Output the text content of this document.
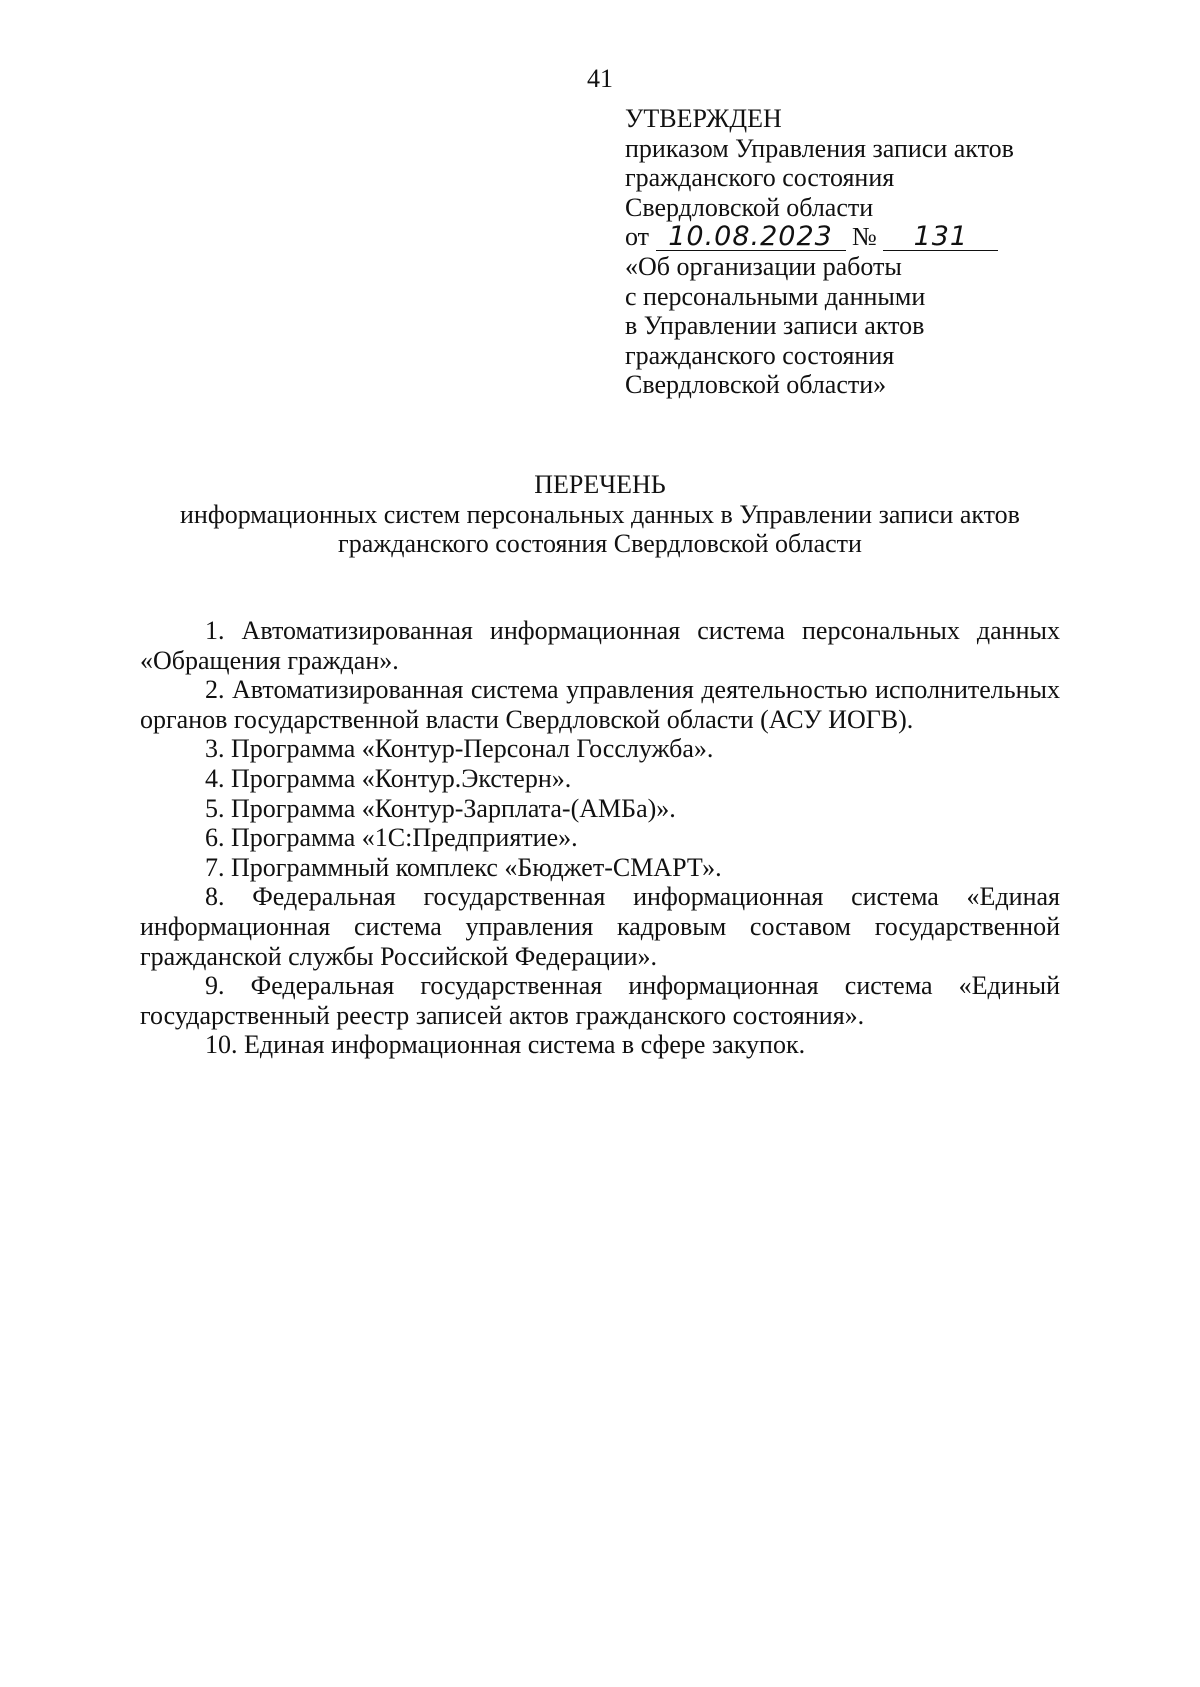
41
УТВЕРЖДЕН
приказом Управления записи актов
гражданского состояния
Свердловской области
от 10.08.2023 № 131
«Об организации работы
с персональными данными
в Управлении записи актов
гражданского состояния
Свердловской области»
ПЕРЕЧЕНЬ
информационных систем персональных данных в Управлении записи актов
гражданского состояния Свердловской области

1. Автоматизированная информационная система персональных данных «Обращения граждан».

2. Автоматизированная система управления деятельностью исполнительных органов государственной власти Свердловской области (АСУ ИОГВ).

3. Программа «Контур-Персонал Госслужба».

4. Программа «Контур.Экстерн».

5. Программа «Контур-Зарплата-(АМБа)».

6. Программа «1С:Предприятие».

7. Программный комплекс «Бюджет-СМАРТ».

8. Федеральная государственная информационная система «Единая информационная система управления кадровым составом государственной гражданской службы Российской Федерации».

9. Федеральная государственная информационная система «Единый государственный реестр записей актов гражданского состояния».

10. Единая информационная система в сфере закупок.
